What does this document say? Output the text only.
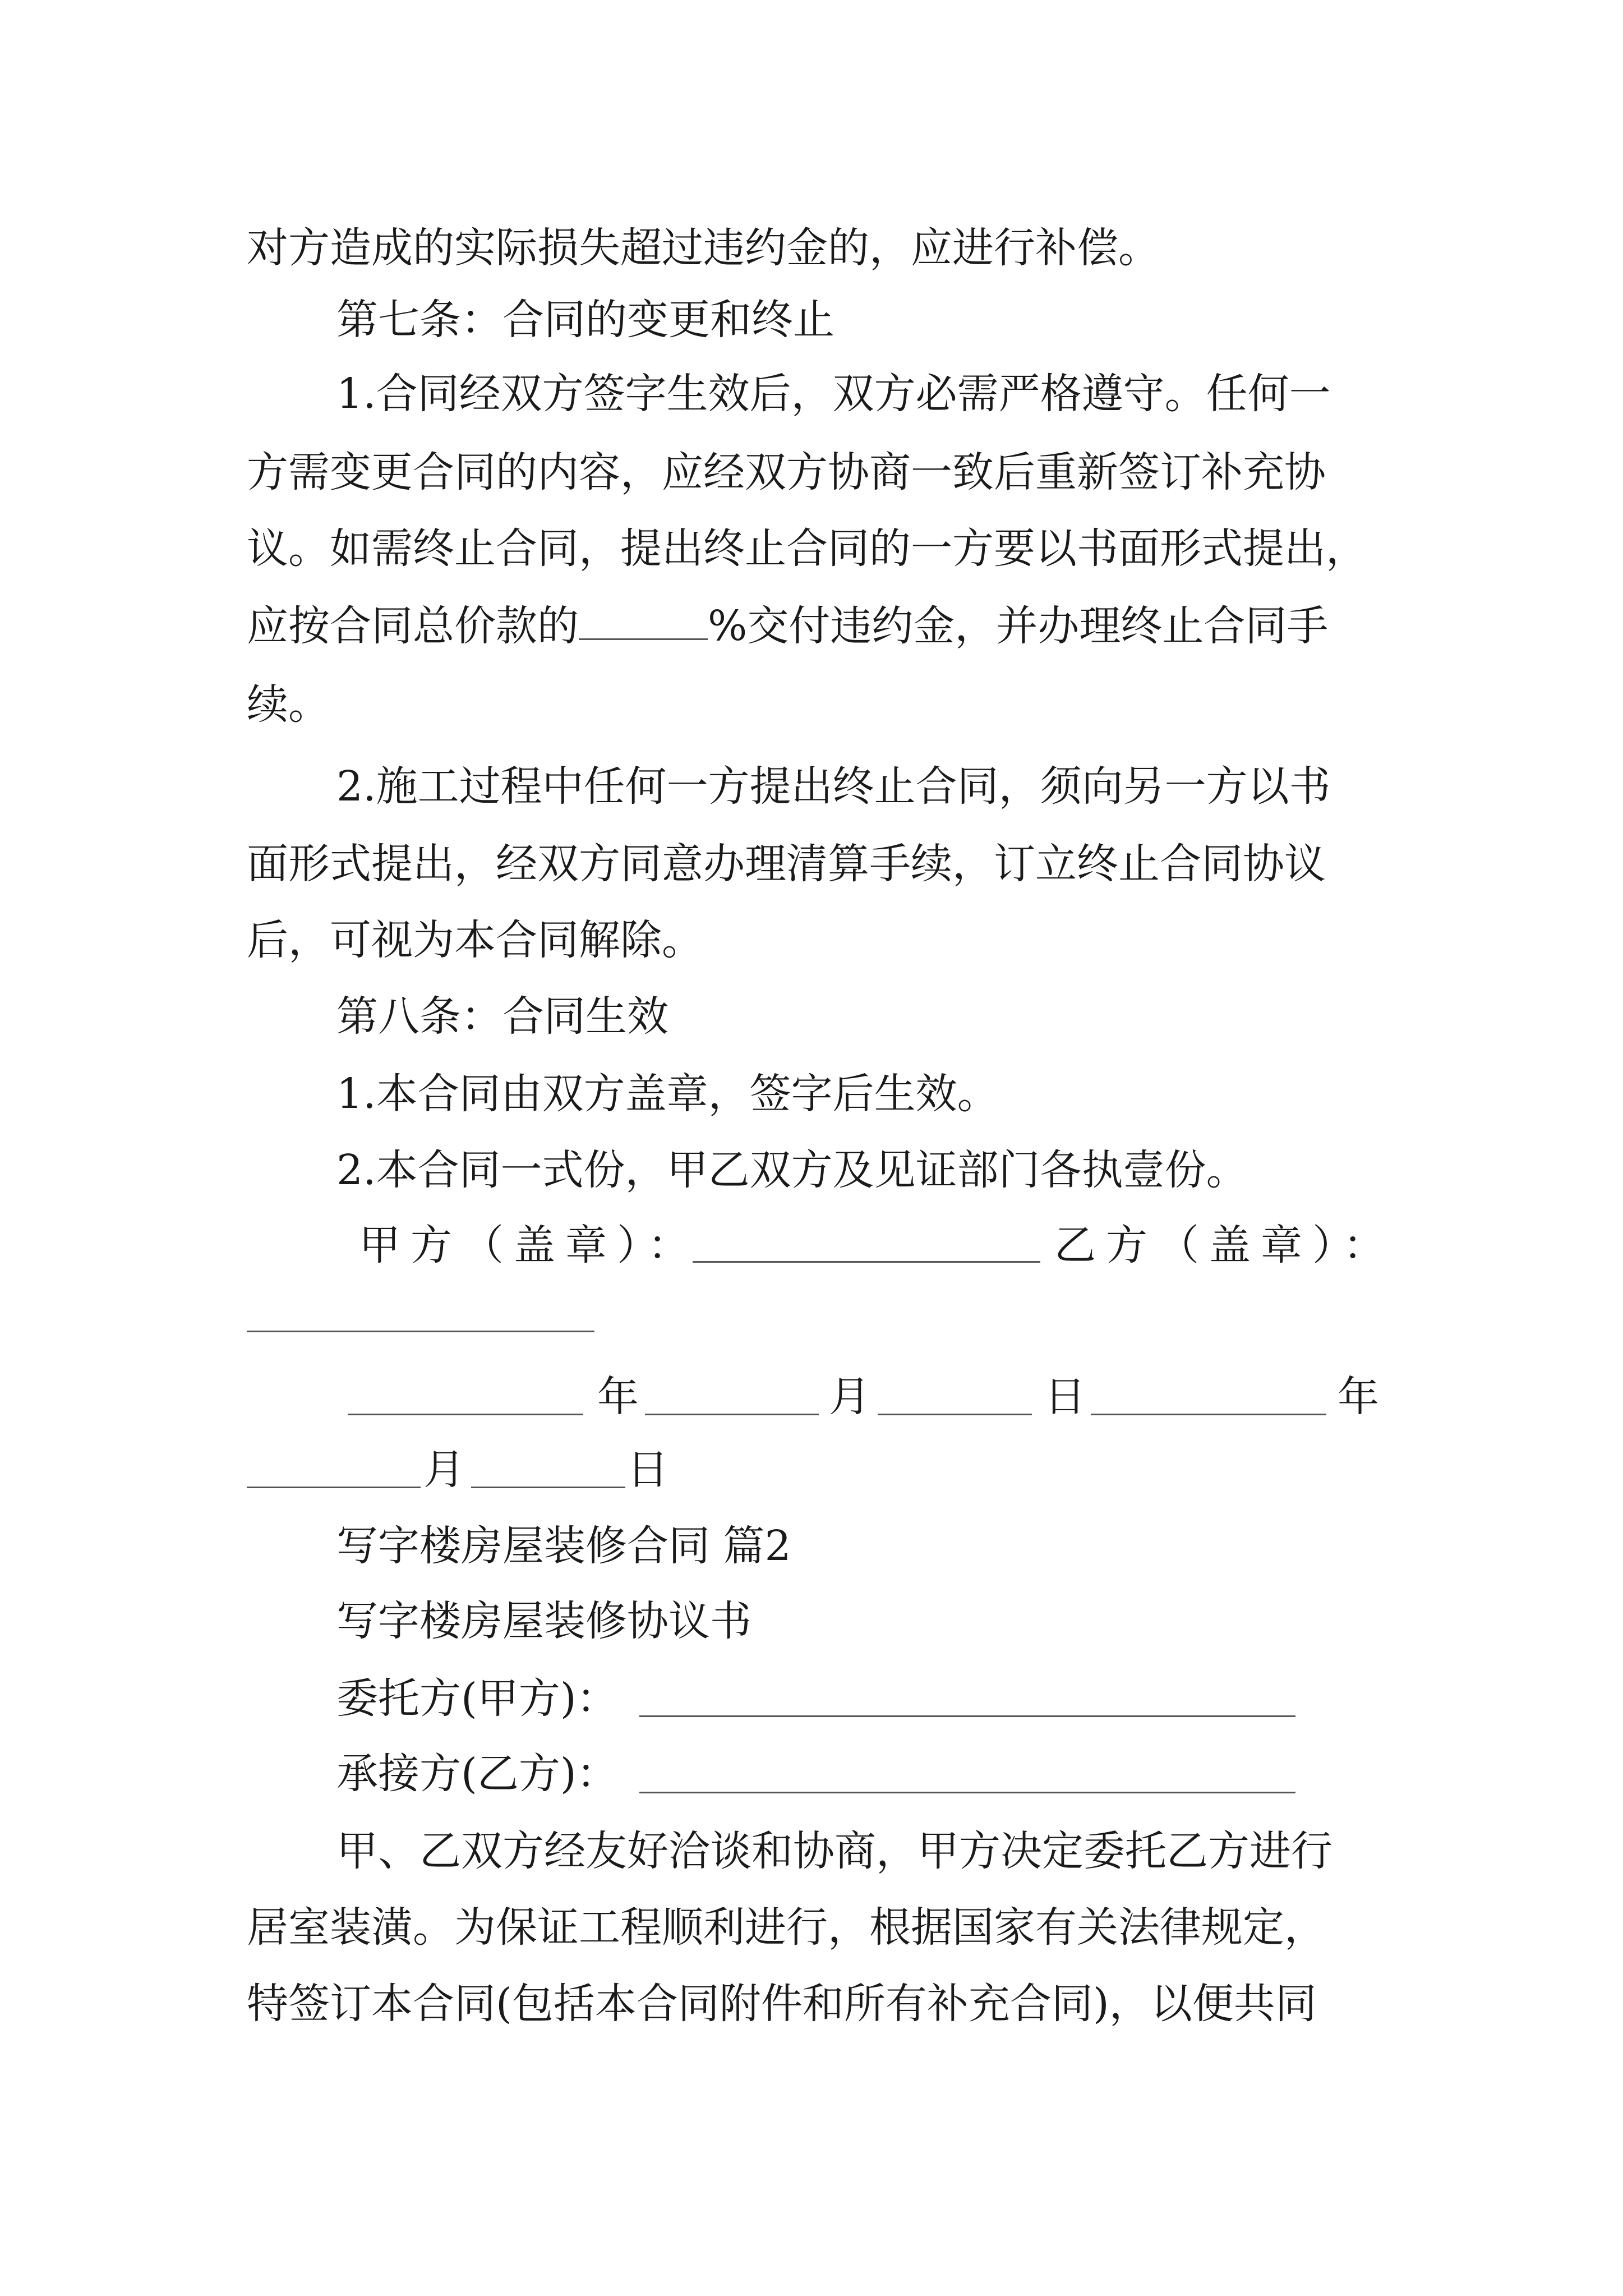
对方造成的实际损失超过违约金的，应进行补偿。
第七条：合同的变更和终止
1.合同经双方签字生效后，双方必需严格遵守。任何一
方需变更合同的内容，应经双方协商一致后重新签订补充协
议。如需终止合同，提出终止合同的一方要以书面形式提出，
应按合同总价款的	%交付违约金，并办理终止合同手
续。
2.施工过程中任何一方提出终止合同，须向另一方以书
面形式提出，经双方同意办理清算手续，订立终止合同协议
后，可视为本合同解除。
第八条：合同生效
1.本合同由双方盖章，签字后生效。
2.本合同一式份，甲乙双方及见证部门各执壹份。
甲方（盖章）：	乙方（盖章）：
年	月	日	年
月	日
写字楼房屋装修合同 篇2
写字楼房屋装修协议书
委托方(甲方)：
承接方(乙方)：
甲、乙双方经友好洽谈和协商，甲方决定委托乙方进行
居室装潢。为保证工程顺利进行，根据国家有关法律规定，
特签订本合同(包括本合同附件和所有补充合同)，以便共同
